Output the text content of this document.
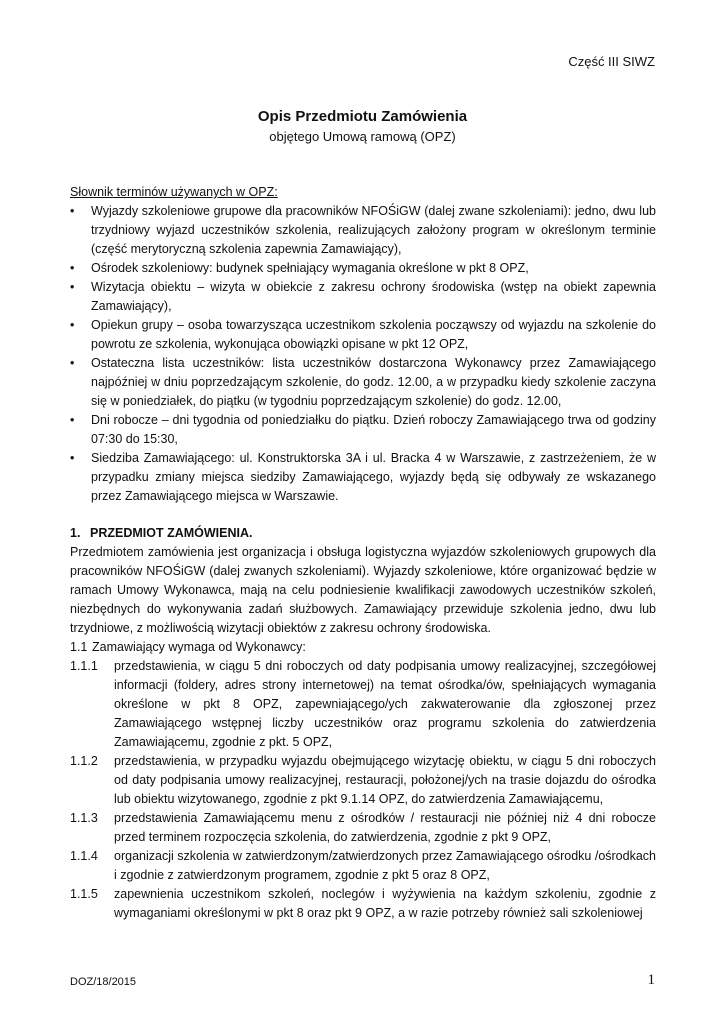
Część III SIWZ
Opis Przedmiotu Zamówienia
objętego Umową ramową (OPZ)
Słownik terminów używanych w OPZ:
• Wyjazdy szkoleniowe grupowe dla pracowników NFOŚiGW (dalej zwane szkoleniami): jedno, dwu lub trzydniowy wyjazd uczestników szkolenia, realizujących założony program w określonym terminie (część merytoryczną szkolenia zapewnia Zamawiający),
• Ośrodek szkoleniowy: budynek spełniający wymagania określone w pkt 8 OPZ,
• Wizytacja obiektu – wizyta w obiekcie z zakresu ochrony środowiska (wstęp na obiekt zapewnia Zamawiający),
• Opiekun grupy – osoba towarzysząca uczestnikom szkolenia począwszy od wyjazdu na szkolenie do powrotu ze szkolenia, wykonująca obowiązki opisane w pkt 12 OPZ,
• Ostateczna lista uczestników: lista uczestników dostarczona Wykonawcy przez Zamawiającego najpóźniej w dniu poprzedzającym szkolenie, do godz. 12.00, a w przypadku kiedy szkolenie zaczyna się w poniedziałek, do piątku (w tygodniu poprzedzającym szkolenie) do godz. 12.00,
• Dni robocze – dni tygodnia od poniedziałku do piątku. Dzień roboczy Zamawiającego trwa od godziny 07:30 do 15:30,
• Siedziba Zamawiającego: ul. Konstruktorska 3A i ul. Bracka 4 w Warszawie, z zastrzeżeniem, że w przypadku zmiany miejsca siedziby Zamawiającego, wyjazdy będą się odbywały ze wskazanego przez Zamawiającego miejsca w Warszawie.
1. PRZEDMIOT ZAMÓWIENIA.
Przedmiotem zamówienia jest organizacja i obsługa logistyczna wyjazdów szkoleniowych grupowych dla pracowników NFOŚiGW (dalej zwanych szkoleniami). Wyjazdy szkoleniowe, które organizować będzie w ramach Umowy Wykonawca, mają na celu podniesienie kwalifikacji zawodowych uczestników szkoleń, niezbędnych do wykonywania zadań służbowych. Zamawiający przewiduje szkolenia jedno, dwu lub trzydniowe, z możliwością wizytacji obiektów z zakresu ochrony środowiska.
1.1 Zamawiający wymaga od Wykonawcy:
1.1.1 przedstawienia, w ciągu 5 dni roboczych od daty podpisania umowy realizacyjnej, szczegółowej informacji (foldery, adres strony internetowej) na temat ośrodka/ów, spełniających wymagania określone w pkt 8 OPZ, zapewniającego/ych zakwaterowanie dla zgłoszonej przez Zamawiającego wstępnej liczby uczestników oraz programu szkolenia do zatwierdzenia Zamawiającemu, zgodnie z pkt. 5 OPZ,
1.1.2 przedstawienia, w przypadku wyjazdu obejmującego wizytację obiektu, w ciągu 5 dni roboczych od daty podpisania umowy realizacyjnej, restauracji, położonej/ych na trasie dojazdu do ośrodka lub obiektu wizytowanego, zgodnie z pkt 9.1.14 OPZ, do zatwierdzenia Zamawiającemu,
1.1.3 przedstawienia Zamawiającemu menu z ośrodków / restauracji nie później niż 4 dni robocze przed terminem rozpoczęcia szkolenia, do zatwierdzenia, zgodnie z pkt 9 OPZ,
1.1.4 organizacji szkolenia w zatwierdzonym/zatwierdzonych przez Zamawiającego ośrodku /ośrodkach i zgodnie z zatwierdzonym programem, zgodnie z pkt 5 oraz 8 OPZ,
1.1.5 zapewnienia uczestnikom szkoleń, noclegów i wyżywienia na każdym szkoleniu, zgodnie z wymaganiami określonymi w pkt 8 oraz pkt 9 OPZ, a w razie potrzeby również sali szkoleniowej
DOZ/18/2015	1
